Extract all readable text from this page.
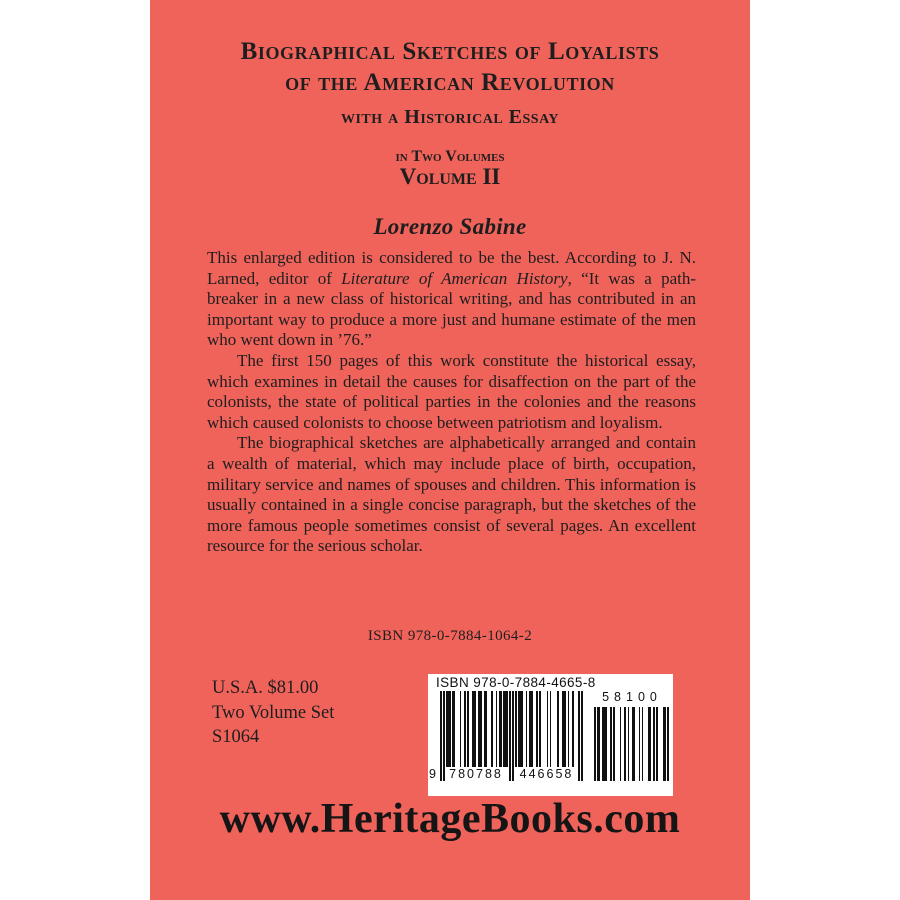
Biographical Sketches of Loyalists
of the American Revolution
with a Historical Essay
in Two Volumes
Volume II
Lorenzo Sabine

This enlarged edition is considered to be the best. According to J. N. Larned, editor of Literature of American History, “It was a path-breaker in a new class of historical writing, and has contributed in an important way to produce a more just and humane estimate of the men who went down in ’76.”

The first 150 pages of this work constitute the historical essay, which examines in detail the causes for disaffection on the part of the colonists, the state of political parties in the colonies and the reasons which caused colonists to choose between patriotism and loyalism.

The biographical sketches are alphabetically arranged and contain a wealth of material, which may include place of birth, occupation, military service and names of spouses and children. This information is usually contained in a single concise paragraph, but the sketches of the more famous people sometimes consist of several pages. An excellent resource for the serious scholar.

ISBN 978-0-7884-1064-2
U.S.A. $81.00
Two Volume Set
S1064
ISBN 978-0-7884-4665-8
780788	446658
9
58100
www.HeritageBooks.com
